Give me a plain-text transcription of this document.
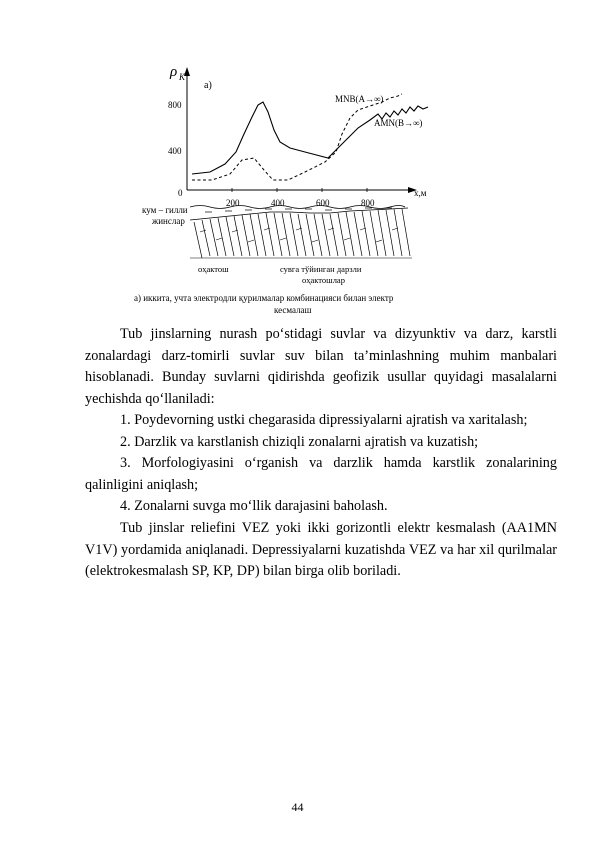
ρ K
а)
800
400
0
200	400	600	800
х,м
MNB(A→∞)
AMN(B→∞)
кум – гилли
жинслар
оҳактош	сувга тўйинган дарзли
оҳактошлар
а) иккита, учта электродли қурилмалар комбинацияси билан электр
кесмалаш

Tub jinslarning nurash po‘stidagi suvlar va dizyunktiv va darz, karstli zonalardagi darz-tomirli suvlar suv bilan ta’minlashning muhim manbalari hisoblanadi. Bunday suvlarni qidirishda geofizik usullar quyidagi masalalarni yechishda qo‘llaniladi:

1. Poydevorning ustki chegarasida dipressiyalarni ajratish va xaritalash;

2. Darzlik va karstlanish chiziqli zonalarni ajratish va kuzatish;

3. Morfologiyasini o‘rganish va darzlik hamda karstlik zonalarining qalinligini aniqlash;

4. Zonalarni suvga mo‘llik darajasini baholash.

Tub jinslar reliefini VEZ yoki ikki gorizontli elektr kesmalash (AA1MN V1V) yordamida aniqlanadi. Depressiyalarni kuzatishda VEZ va har xil qurilmalar (elektrokesmalash SP, KP, DP) bilan birga olib boriladi.

44
